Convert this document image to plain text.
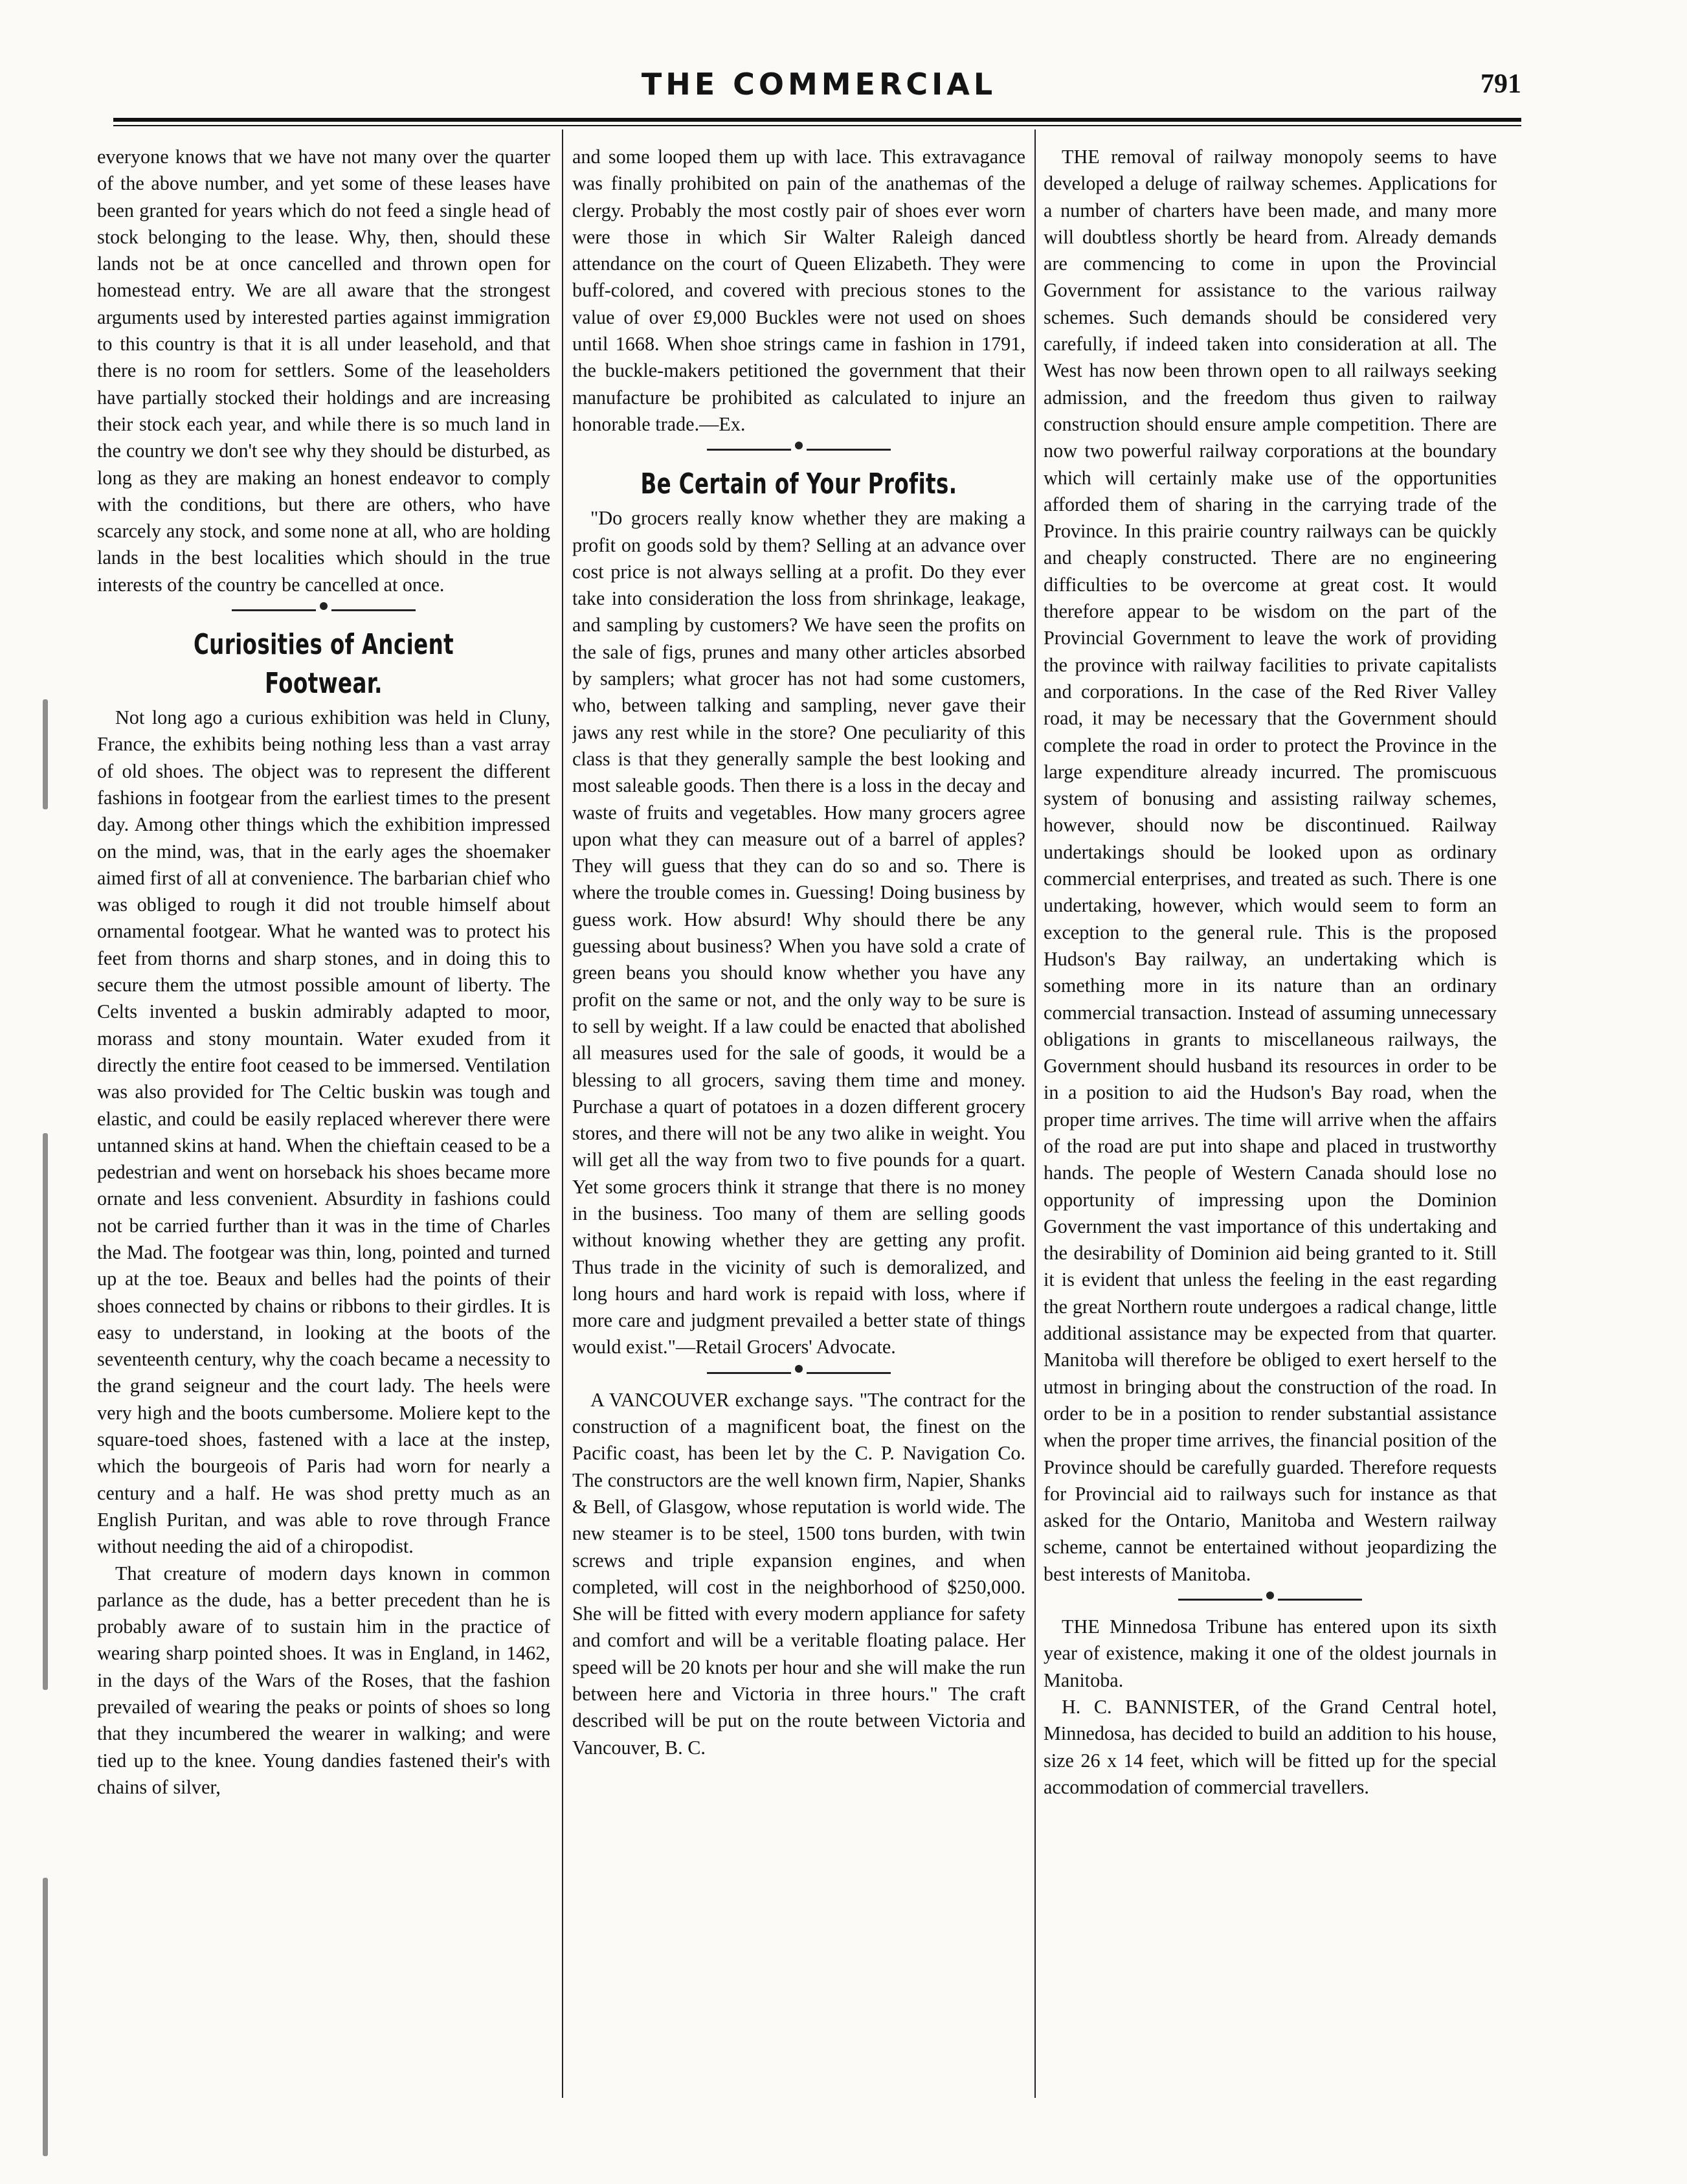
THE COMMERCIAL	791

everyone knows that we have not many over the quarter of the above number, and yet some of these leases have been granted for years which do not feed a single head of stock belonging to the lease. Why, then, should these lands not be at once cancelled and thrown open for homestead entry. We are all aware that the strongest arguments used by interested parties against immigration to this country is that it is all under leasehold, and that there is no room for settlers. Some of the leaseholders have partially stocked their holdings and are increasing their stock each year, and while there is so much land in the country we don't see why they should be disturbed, as long as they are making an honest endeavor to comply with the conditions, but there are others, who have scarcely any stock, and some none at all, who are holding lands in the best localities which should in the true interests of the country be cancelled at once.

Curiosities of Ancient Footwear.

Not long ago a curious exhibition was held in Cluny, France, the exhibits being nothing less than a vast array of old shoes. The object was to represent the different fashions in footgear from the earliest times to the present day. Among other things which the exhibition impressed on the mind, was, that in the early ages the shoemaker aimed first of all at convenience. The barbarian chief who was obliged to rough it did not trouble himself about ornamental footgear. What he wanted was to protect his feet from thorns and sharp stones, and in doing this to secure them the utmost possible amount of liberty. The Celts invented a buskin admirably adapted to moor, morass and stony mountain. Water exuded from it directly the entire foot ceased to be immersed. Ventilation was also provided for The Celtic buskin was tough and elastic, and could be easily replaced wherever there were untanned skins at hand. When the chieftain ceased to be a pedestrian and went on horseback his shoes became more ornate and less convenient. Absurdity in fashions could not be carried further than it was in the time of Charles the Mad. The footgear was thin, long, pointed and turned up at the toe. Beaux and belles had the points of their shoes connected by chains or ribbons to their girdles. It is easy to understand, in looking at the boots of the seventeenth century, why the coach became a necessity to the grand seigneur and the court lady. The heels were very high and the boots cumbersome. Moliere kept to the square-toed shoes, fastened with a lace at the instep, which the bourgeois of Paris had worn for nearly a century and a half. He was shod pretty much as an English Puritan, and was able to rove through France without needing the aid of a chiropodist.

That creature of modern days known in common parlance as the dude, has a better precedent than he is probably aware of to sustain him in the practice of wearing sharp pointed shoes. It was in England, in 1462, in the days of the Wars of the Roses, that the fashion prevailed of wearing the peaks or points of shoes so long that they incumbered the wearer in walking; and were tied up to the knee. Young dandies fastened their's with chains of silver,

and some looped them up with lace. This extravagance was finally prohibited on pain of the anathemas of the clergy. Probably the most costly pair of shoes ever worn were those in which Sir Walter Raleigh danced attendance on the court of Queen Elizabeth. They were buff-colored, and covered with precious stones to the value of over £9,000 Buckles were not used on shoes until 1668. When shoe strings came in fashion in 1791, the buckle-makers petitioned the government that their manufacture be prohibited as calculated to injure an honorable trade.—Ex.

Be Certain of Your Profits.

"Do grocers really know whether they are making a profit on goods sold by them? Selling at an advance over cost price is not always selling at a profit. Do they ever take into consideration the loss from shrinkage, leakage, and sampling by customers? We have seen the profits on the sale of figs, prunes and many other articles absorbed by samplers; what grocer has not had some customers, who, between talking and sampling, never gave their jaws any rest while in the store? One peculiarity of this class is that they generally sample the best looking and most saleable goods. Then there is a loss in the decay and waste of fruits and vegetables. How many grocers agree upon what they can measure out of a barrel of apples? They will guess that they can do so and so. There is where the trouble comes in. Guessing! Doing business by guess work. How absurd! Why should there be any guessing about business? When you have sold a crate of green beans you should know whether you have any profit on the same or not, and the only way to be sure is to sell by weight. If a law could be enacted that abolished all measures used for the sale of goods, it would be a blessing to all grocers, saving them time and money. Purchase a quart of potatoes in a dozen different grocery stores, and there will not be any two alike in weight. You will get all the way from two to five pounds for a quart. Yet some grocers think it strange that there is no money in the business. Too many of them are selling goods without knowing whether they are getting any profit. Thus trade in the vicinity of such is demoralized, and long hours and hard work is repaid with loss, where if more care and judgment prevailed a better state of things would exist."—Retail Grocers' Advocate.

A VANCOUVER exchange says. "The contract for the construction of a magnificent boat, the finest on the Pacific coast, has been let by the C. P. Navigation Co. The constructors are the well known firm, Napier, Shanks & Bell, of Glasgow, whose reputation is world wide. The new steamer is to be steel, 1500 tons burden, with twin screws and triple expansion engines, and when completed, will cost in the neighborhood of $250,000. She will be fitted with every modern appliance for safety and comfort and will be a veritable floating palace. Her speed will be 20 knots per hour and she will make the run between here and Victoria in three hours." The craft described will be put on the route between Victoria and Vancouver, B. C.

THE removal of railway monopoly seems to have developed a deluge of railway schemes. Applications for a number of charters have been made, and many more will doubtless shortly be heard from. Already demands are commencing to come in upon the Provincial Government for assistance to the various railway schemes. Such demands should be considered very carefully, if indeed taken into consideration at all. The West has now been thrown open to all railways seeking admission, and the freedom thus given to railway construction should ensure ample competition. There are now two powerful railway corporations at the boundary which will certainly make use of the opportunities afforded them of sharing in the carrying trade of the Province. In this prairie country railways can be quickly and cheaply constructed. There are no engineering difficulties to be overcome at great cost. It would therefore appear to be wisdom on the part of the Provincial Government to leave the work of providing the province with railway facilities to private capitalists and corporations. In the case of the Red River Valley road, it may be necessary that the Government should complete the road in order to protect the Province in the large expenditure already incurred. The promiscuous system of bonusing and assisting railway schemes, however, should now be discontinued. Railway undertakings should be looked upon as ordinary commercial enterprises, and treated as such. There is one undertaking, however, which would seem to form an exception to the general rule. This is the proposed Hudson's Bay railway, an undertaking which is something more in its nature than an ordinary commercial transaction. Instead of assuming unnecessary obligations in grants to miscellaneous railways, the Government should husband its resources in order to be in a position to aid the Hudson's Bay road, when the proper time arrives. The time will arrive when the affairs of the road are put into shape and placed in trustworthy hands. The people of Western Canada should lose no opportunity of impressing upon the Dominion Government the vast importance of this undertaking and the desirability of Dominion aid being granted to it. Still it is evident that unless the feeling in the east regarding the great Northern route undergoes a radical change, little additional assistance may be expected from that quarter. Manitoba will therefore be obliged to exert herself to the utmost in bringing about the construction of the road. In order to be in a position to render substantial assistance when the proper time arrives, the financial position of the Province should be carefully guarded. Therefore requests for Provincial aid to railways such for instance as that asked for the Ontario, Manitoba and Western railway scheme, cannot be entertained without jeopardizing the best interests of Manitoba.

THE Minnedosa Tribune has entered upon its sixth year of existence, making it one of the oldest journals in Manitoba.

H. C. BANNISTER, of the Grand Central hotel, Minnedosa, has decided to build an addition to his house, size 26 x 14 feet, which will be fitted up for the special accommodation of commercial travellers.
